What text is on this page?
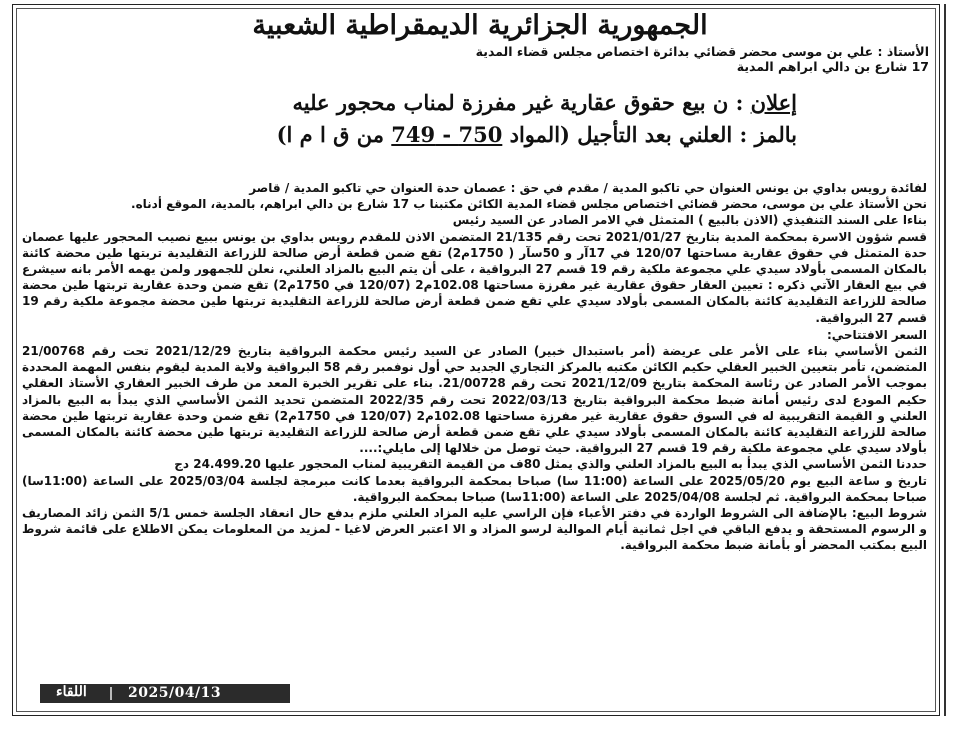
الجمهورية الجزائرية الديمقراطية الشعبية
الأستاذ : علي بن موسى محضر قضائي بدائرة اختصاص مجلس قضاء المدية
17 شارع بن دالي ابراهم المدية
إعلان : ن بيع حقوق عقارية غير مفرزة لمناب محجور عليه
بالمز : العلني بعد التأجيل (المواد 750 - 749 من ق ا م ا)

لفائدة رويس بداوي بن يونس العنوان حي تاكبو المدية / مقدم في حق : عصمان حدة العنوان حي تاكبو المدية / قاصر

نحن الأستاذ علي بن موسى، محضر قضائي اختصاص مجلس قضاء المدية الكائن مكتبنا ب 17 شارع بن دالي ابراهم، بالمدية، الموقع أدناه.

بناءا على السند التنفيذي (الاذن بالبيع ) المتمثل في الامر الصادر عن السيد رئيس

قسم شؤون الاسرة بمحكمة المدية بتاريخ 2021/01/27 تحت رقم 21/135 المتضمن الاذن للمقدم رويس بداوي بن يونس ببيع نصيب المحجور عليها عصمان حدة المتمثل في حقوق عقارية مساحتها 120/07 في 17آر و 50سآر ( 1750م2) تقع ضمن قطعة أرض صالحة للزراعة التقليدية تربتها طين محضة كائنة بالمكان المسمى بأولاد سيدي علي مجموعة ملكية رقم 19 قسم 27 البرواقية ، على أن يتم البيع بالمزاد العلني، نعلن للجمهور ولمن يهمه الأمر بانه سيشرع في بيع العقار الآتي ذكره : تعيين العقار حقوق عقارية غير مفرزة مساحتها 102.08م2 (120/07 في 1750م2) تقع ضمن وحدة عقارية تربتها طين محضة صالحة للزراعة التقليدية كائنة بالمكان المسمى بأولاد سيدي علي تقع ضمن قطعة أرض صالحة للزراعة التقليدية تربتها طين محضة مجموعة ملكية رقم 19 قسم 27 البرواقية.

السعر الافتتاحي:

الثمن الأساسي بناء على الأمر على عريضة (أمر باستبدال خبير) الصادر عن السيد رئيس محكمة البرواقية بتاريخ 2021/12/29 تحت رقم 21/00768 المتضمن، تأمر بتعيين الخبير العقلي حكيم الكائن مكتبه بالمركز التجاري الجديد حي أول نوفمبر رقم 58 البرواقية ولاية المدية ليقوم بنفس المهمة المحددة بموجب الأمر الصادر عن رئاسة المحكمة بتاريخ 2021/12/09 تحت رقم 21/00728. بناء على تقرير الخبرة المعد من طرف الخبير العقاري الأستاذ العقلي حكيم المودع لدى رئيس أمانة ضبط محكمة البرواقية بتاريخ 2022/03/13 تحت رقم 2022/35 المتضمن تحديد الثمن الأساسي الذي يبدأ به البيع بالمزاد العلني و القيمة التقريبية له في السوق حقوق عقارية غير مفرزة مساحتها 102.08م2 (120/07 في 1750م2) تقع ضمن وحدة عقارية تربتها طين محضة صالحة للزراعة التقليدية كائنة بالمكان المسمى بأولاد سيدي علي تقع ضمن قطعة أرض صالحة للزراعة التقليدية تربتها طين محضة كائنة بالمكان المسمى بأولاد سيدي علي مجموعة ملكية رقم 19 قسم 27 البرواقية. حيث توصل من خلالها إلى مايلي:....

حددنا الثمن الأساسي الذي يبدأ به البيع بالمزاد العلني والذي يمثل 80ف من القيمة التقريبية لمناب المحجور عليها 24.499.20 دج

تاريخ و ساعة البيع يوم 2025/05/20 على الساعة (11:00 سا) صباحا بمحكمة البرواقية بعدما كانت مبرمجة لجلسة 2025/03/04 على الساعة (11:00سا) صباحا بمحكمة البرواقية. ثم لجلسة 2025/04/08 على الساعة (11:00سا) صباحا بمحكمة البرواقية.

شروط البيع: بالإضافة الى الشروط الواردة في دفتر الأعباء فإن الراسي عليه المزاد العلني ملزم بدفع حال انعقاد الجلسة خمس 5/1 الثمن زائد المصاريف و الرسوم المستحقة و يدفع الباقي في اجل ثمانية أيام الموالية لرسو المزاد و الا اعتبر العرض لاغيا - لمزيد من المعلومات يمكن الاطلاع على قائمة شروط البيع بمكتب المحضر أو بأمانة ضبط محكمة البرواقية.

اللقاء	2025/04/13
